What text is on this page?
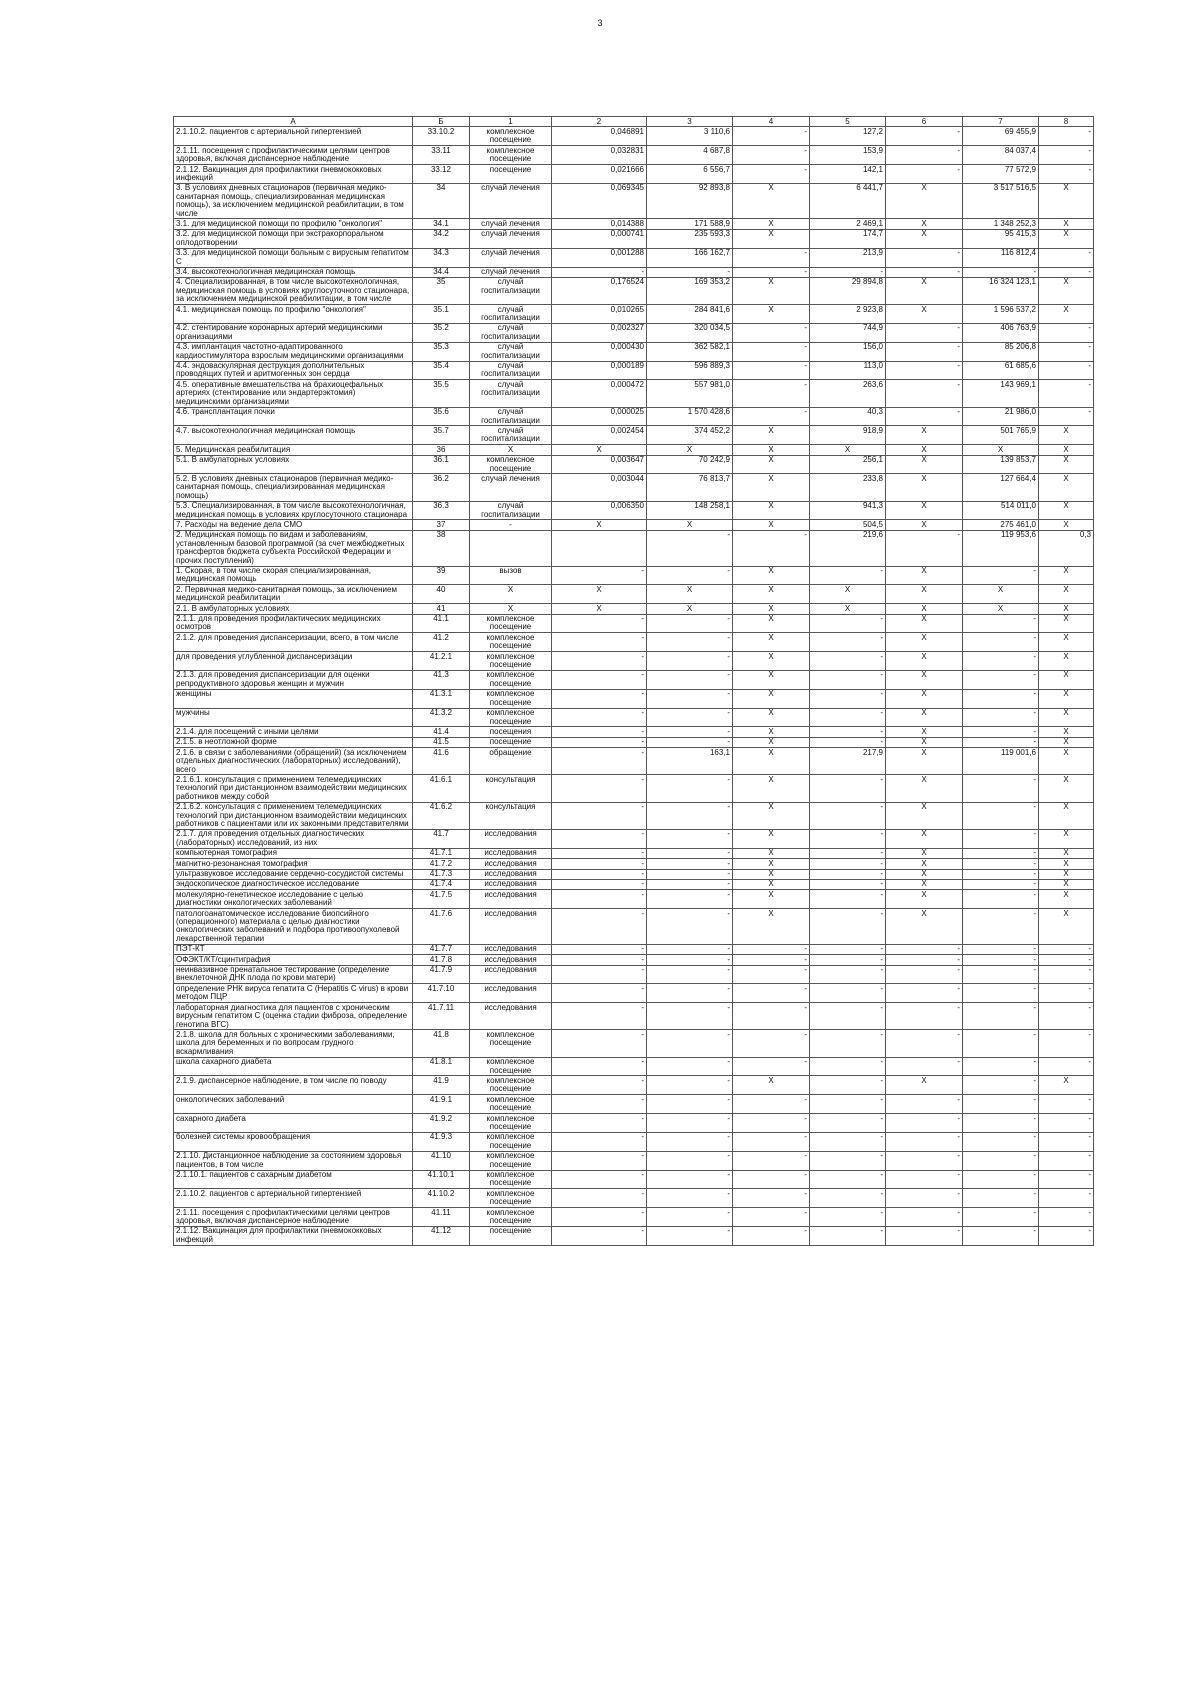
3
А	Б	1	2	3	4	5	6	7	8
2.1.10.2. пациентов с артериальной гипертензией	33.10.2	комплексное посещение	0,046891	3 110,6	-	127,2	-	69 455,9	-
2.1.11. посещения с профилактическими целями центров здоровья, включая диспансерное наблюдение	33.11	комплексное посещение	0,032831	4 687,8	-	153,9	-	84 037,4	-
2.1.12. Вакцинация для профилактики пневмококковых инфекций	33.12	посещение	0,021666	6 556,7	-	142,1	-	77 572,9	-
3. В условиях дневных стационаров (первичная медико-санитарная помощь, специализированная медицинская помощь), за исключением медицинской реабилитации, в том числе	34	случай лечения	0,069345	92 893,8	X	6 441,7	X	3 517 516,5	X
3.1. для медицинской помощи по профилю "онкология"	34.1	случай лечения	0,014388	171 588,9	X	2 469,1	X	1 348 252,3	X
3.2. для медицинской помощи при экстракорпоральном оплодотворении	34.2	случай лечения	0,000741	235 593,3	X	174,7	X	95 415,3	X
3.3. для медицинской помощи больным с вирусным гепатитом С	34.3	случай лечения	0,001288	166 162,7	-	213,9	-	116 812,4	-
3.4. высокотехнологичная медицинская помощь	34.4	случай лечения	-	-	-	-	-	-	-
4. Специализированная, в том числе высокотехнологичная, медицинская помощь в условиях круглосуточного стационара, за исключением медицинской реабилитации, в том числе	35	случай госпитализации	0,176524	169 353,2	X	29 894,8	X	16 324 123,1	X
4.1. медицинская помощь по профилю "онкология"	35.1	случай госпитализации	0,010265	284 841,6	X	2 923,8	X	1 596 537,2	X
4.2. стентирование коронарных артерий медицинскими организациями	35.2	случай госпитализации	0,002327	320 034,5	-	744,9	-	406 763,9	-
4.3. имплантация частотно-адаптированного кардиостимулятора взрослым медицинскими организациями	35.3	случай госпитализации	0,000430	362 582,1	-	156,0	-	85 206,8	-
4.4. эндоваскулярная деструкция дополнительных проводящих путей и аритмогенных зон сердца	35.4	случай госпитализации	0,000189	596 889,3	-	113,0	-	61 685,6	-
4.5. оперативные вмешательства на брахиоцефальных артериях (стентирование или эндартерэктомия) медицинскими организациями	35.5	случай госпитализации	0,000472	557 981,0	-	263,6	-	143 969,1	-
4.6. трансплантация почки	35.6	случай госпитализации	0,000025	1 570 428,6	-	40,3	-	21 986,0	-
4.7. высокотехнологичная медицинская помощь	35.7	случай госпитализации	0,002454	374 452,2	X	918,9	X	501 765,9	X
5. Медицинская реабилитация	36	X	X	X	X	X	X	X	X
5.1. В амбулаторных условиях	36.1	комплексное посещение	0,003647	70 242,9	X	256,1	X	139 853,7	X
5.2. В условиях дневных стационаров (первичная медико-санитарная помощь, специализированная медицинская помощь)	36.2	случай лечения	0,003044	76 813,7	X	233,8	X	127 664,4	X
5.3. Специализированная, в том числе высокотехнологичная, медицинская помощь в условиях круглосуточного стационара	36.3	случай госпитализации	0,006350	148 258,1	X	941,3	X	514 011,0	X
7. Расходы на ведение дела СМО	37	-	X	X	X	504,5	X	275 461,0	X
2. Медицинская помощь по видам и заболеваниям, установленным базовой программой (за счет межбюджетных трансфертов бюджета субъекта Российской Федерации и прочих поступлений)	38			-	-	219,6	-	119 953,6	0,3
1. Скорая, в том числе скорая специализированная, медицинская помощь	39	вызов	-	-	X	-	X	-	X
2. Первичная медико-санитарная помощь, за исключением медицинской реабилитации	40	X	X	X	X	X	X	X	X
2.1. В амбулаторных условиях	41	X	X	X	X	X	X	X	X
2.1.1. для проведения профилактических медицинских осмотров	41.1	комплексное посещение	-	-	X	-	X	-	X
2.1.2. для проведения диспансеризации, всего, в том числе	41.2	комплексное посещение	-	-	X	-	X	-	X
для проведения углубленной диспансеризации	41.2.1	комплексное посещение	-	-	X	-	X	-	X
2.1.3. для проведения диспансеризации для оценки репродуктивного здоровья женщин и мужчин	41.3	комплексное посещение	-	-	X	-	X	-	X
женщины	41.3.1	комплексное посещение	-	-	X	-	X	-	X
мужчины	41.3.2	комплексное посещение	-	-	X	-	X	-	X
2.1.4. для посещений с иными целями	41.4	посещения	-	-	X	-	X	-	X
2.1.5. в неотложной форме	41.5	посещение	-	-	X	-	X	-	X
2.1.6. в связи с заболеваниями (обращений) (за исключением отдельных диагностических (лабораторных) исследований), всего	41.6	обращение	-	163,1	X	217,9	X	119 001,6	X
2.1.6.1. консультация с применением телемедицинских технологий при дистанционном взаимодействии медицинских работников между собой	41.6.1	консультация	-	-	X	-	X	-	X
2.1.6.2. консультация с применением телемедицинских технологий при дистанционном взаимодействии медицинских работников с пациентами или их законными представителями	41.6.2	консультация	-	-	X	-	X	-	X
2.1.7. для проведения отдельных диагностических (лабораторных) исследований, из них	41.7	исследования	-	-	X	-	X	-	X
компьютерная томография	41.7.1	исследования	-	-	X	-	X	-	X
магнитно-резонансная томография	41.7.2	исследования	-	-	X	-	X	-	X
ультразвуковое исследование сердечно-сосудистой системы	41.7.3	исследования	-	-	X	-	X	-	X
эндоскопическое диагностическое исследование	41.7.4	исследования	-	-	X	-	X	-	X
молекулярно-генетическое исследование с целью диагностики онкологических заболеваний	41.7.5	исследования	-	-	X	-	X	-	X
патологоанатомическое исследование биопсийного (операционного) материала с целью диагностики онкологических заболеваний и подбора противоопухолевой лекарственной терапии	41.7.6	исследования	-	-	X	-	X	-	X
ПЭТ-КТ	41.7.7	исследования	-	-	-	-	-	-	-
ОФЭКТ/КТ/сцинтиграфия	41.7.8	исследования	-	-	-	-	-	-	-
неинвазивное пренатальное тестирование (определение внеклеточной ДНК плода по крови матери)	41.7.9	исследования	-	-	-	-	-	-	-
определение РНК вируса гепатита С (Hepatitis C virus) в крови методом ПЦР	41.7.10	исследования	-	-	-	-	-	-	-
лабораторная диагностика для пациентов с хроническим вирусным гепатитом С (оценка стадии фиброза, определение генотипа ВГС)	41.7.11	исследования	-	-	-	-	-	-	-
2.1.8. школа для больных с хроническими заболеваниями, школа для беременных и по вопросам грудного вскармливания	41.8	комплексное посещение	-	-	-	-	-	-	-
школа сахарного диабета	41.8.1	комплексное посещение	-	-	-	-	-	-	-
2.1.9. диспансерное наблюдение, в том числе по поводу	41.9	комплексное посещение	-	-	X	-	X	-	X
онкологических заболеваний	41.9.1	комплексное посещение	-	-	-	-	-	-	-
сахарного диабета	41.9.2	комплексное посещение	-	-	-	-	-	-	-
болезней системы кровообращения	41.9.3	комплексное посещение	-	-	-	-	-	-	-
2.1.10. Дистанционное наблюдение за состоянием здоровья пациентов, в том числе	41.10	комплексное посещение	-	-	-	-	-	-	-
2.1.10.1. пациентов с сахарным диабетом	41.10.1	комплексное посещение	-	-	-	-	-	-	-
2.1.10.2. пациентов с артериальной гипертензией	41.10.2	комплексное посещение	-	-	-	-	-	-	-
2.1.11. посещения с профилактическими целями центров здоровья, включая диспансерное наблюдение	41.11	комплексное посещение	-	-	-	-	-	-	-
2.1.12. Вакцинация для профилактики пневмококковых инфекций	41.12	посещение	-	-	-	-	-	-	-
